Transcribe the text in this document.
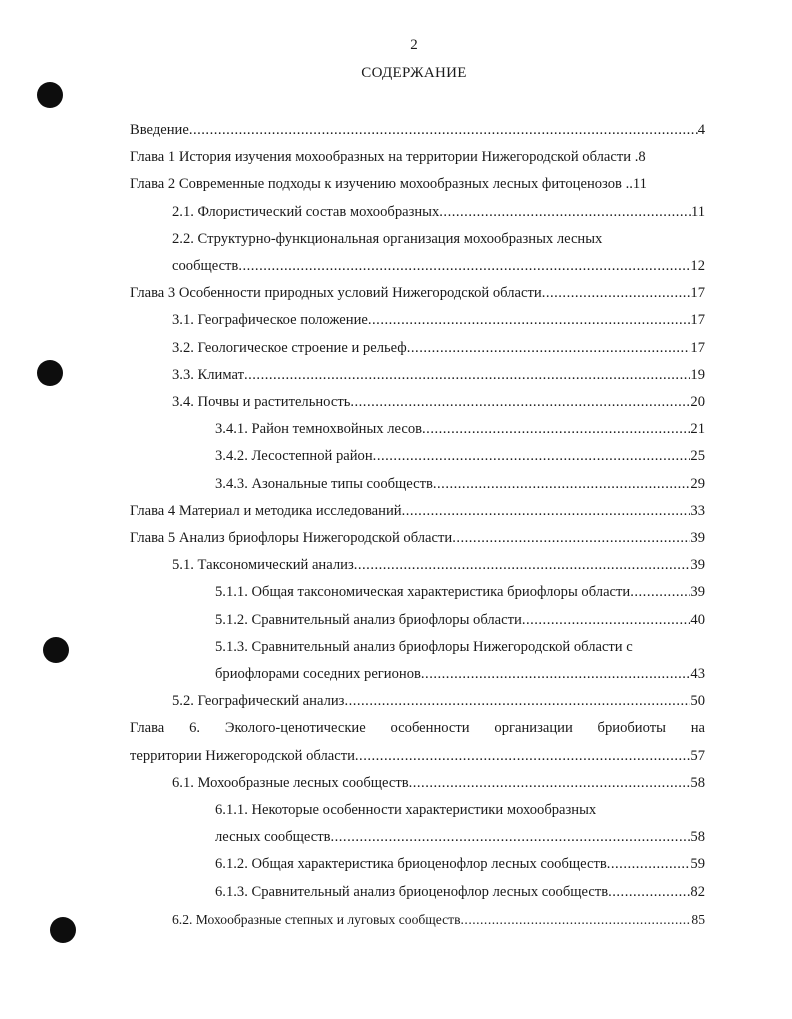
2
СОДЕРЖАНИЕ
Введение .....	4
Глава 1 История изучения мохообразных на территории Нижегородской области . 8
Глава 2 Современные подходы к изучению мохообразных лесных фитоценозов .. 11
2.1. Флористический состав мохообразных .....	11
2.2. Структурно-функциональная организация мохообразных лесных
сообществ .....	12
Глава 3 Особенности природных условий Нижегородской области .....	17
3.1. Географическое положение .....	17
3.2. Геологическое строение и рельеф .....	17
3.3. Климат .....	19
3.4. Почвы и растительность .....	20
3.4.1. Район темнохвойных лесов .....	21
3.4.2. Лесостепной район .....	25
3.4.3. Азональные типы сообществ .....	29
Глава 4 Материал и методика исследований .....	33
Глава 5 Анализ бриофлоры Нижегородской области .....	39
5.1. Таксономический анализ .....	39
5.1.1. Общая таксономическая характеристика бриофлоры области .....	39
5.1.2. Сравнительный анализ бриофлоры области .....	40
5.1.3. Сравнительный анализ бриофлоры Нижегородской области с
бриофлорами соседних регионов .....	43
5.2. Географический анализ .....	50
Глава 6. Эколого-ценотические особенности организации бриобиоты на
территории Нижегородской области .....	57
6.1. Мохообразные лесных сообществ .....	58
6.1.1. Некоторые особенности характеристики мохообразных
лесных сообществ .....	58
6.1.2. Общая характеристика бриоценофлор лесных сообществ .....	59
6.1.3. Сравнительный анализ бриоценофлор лесных сообществ .....	82
6.2. Мохообразные степных и луговых сообществ .....	85
